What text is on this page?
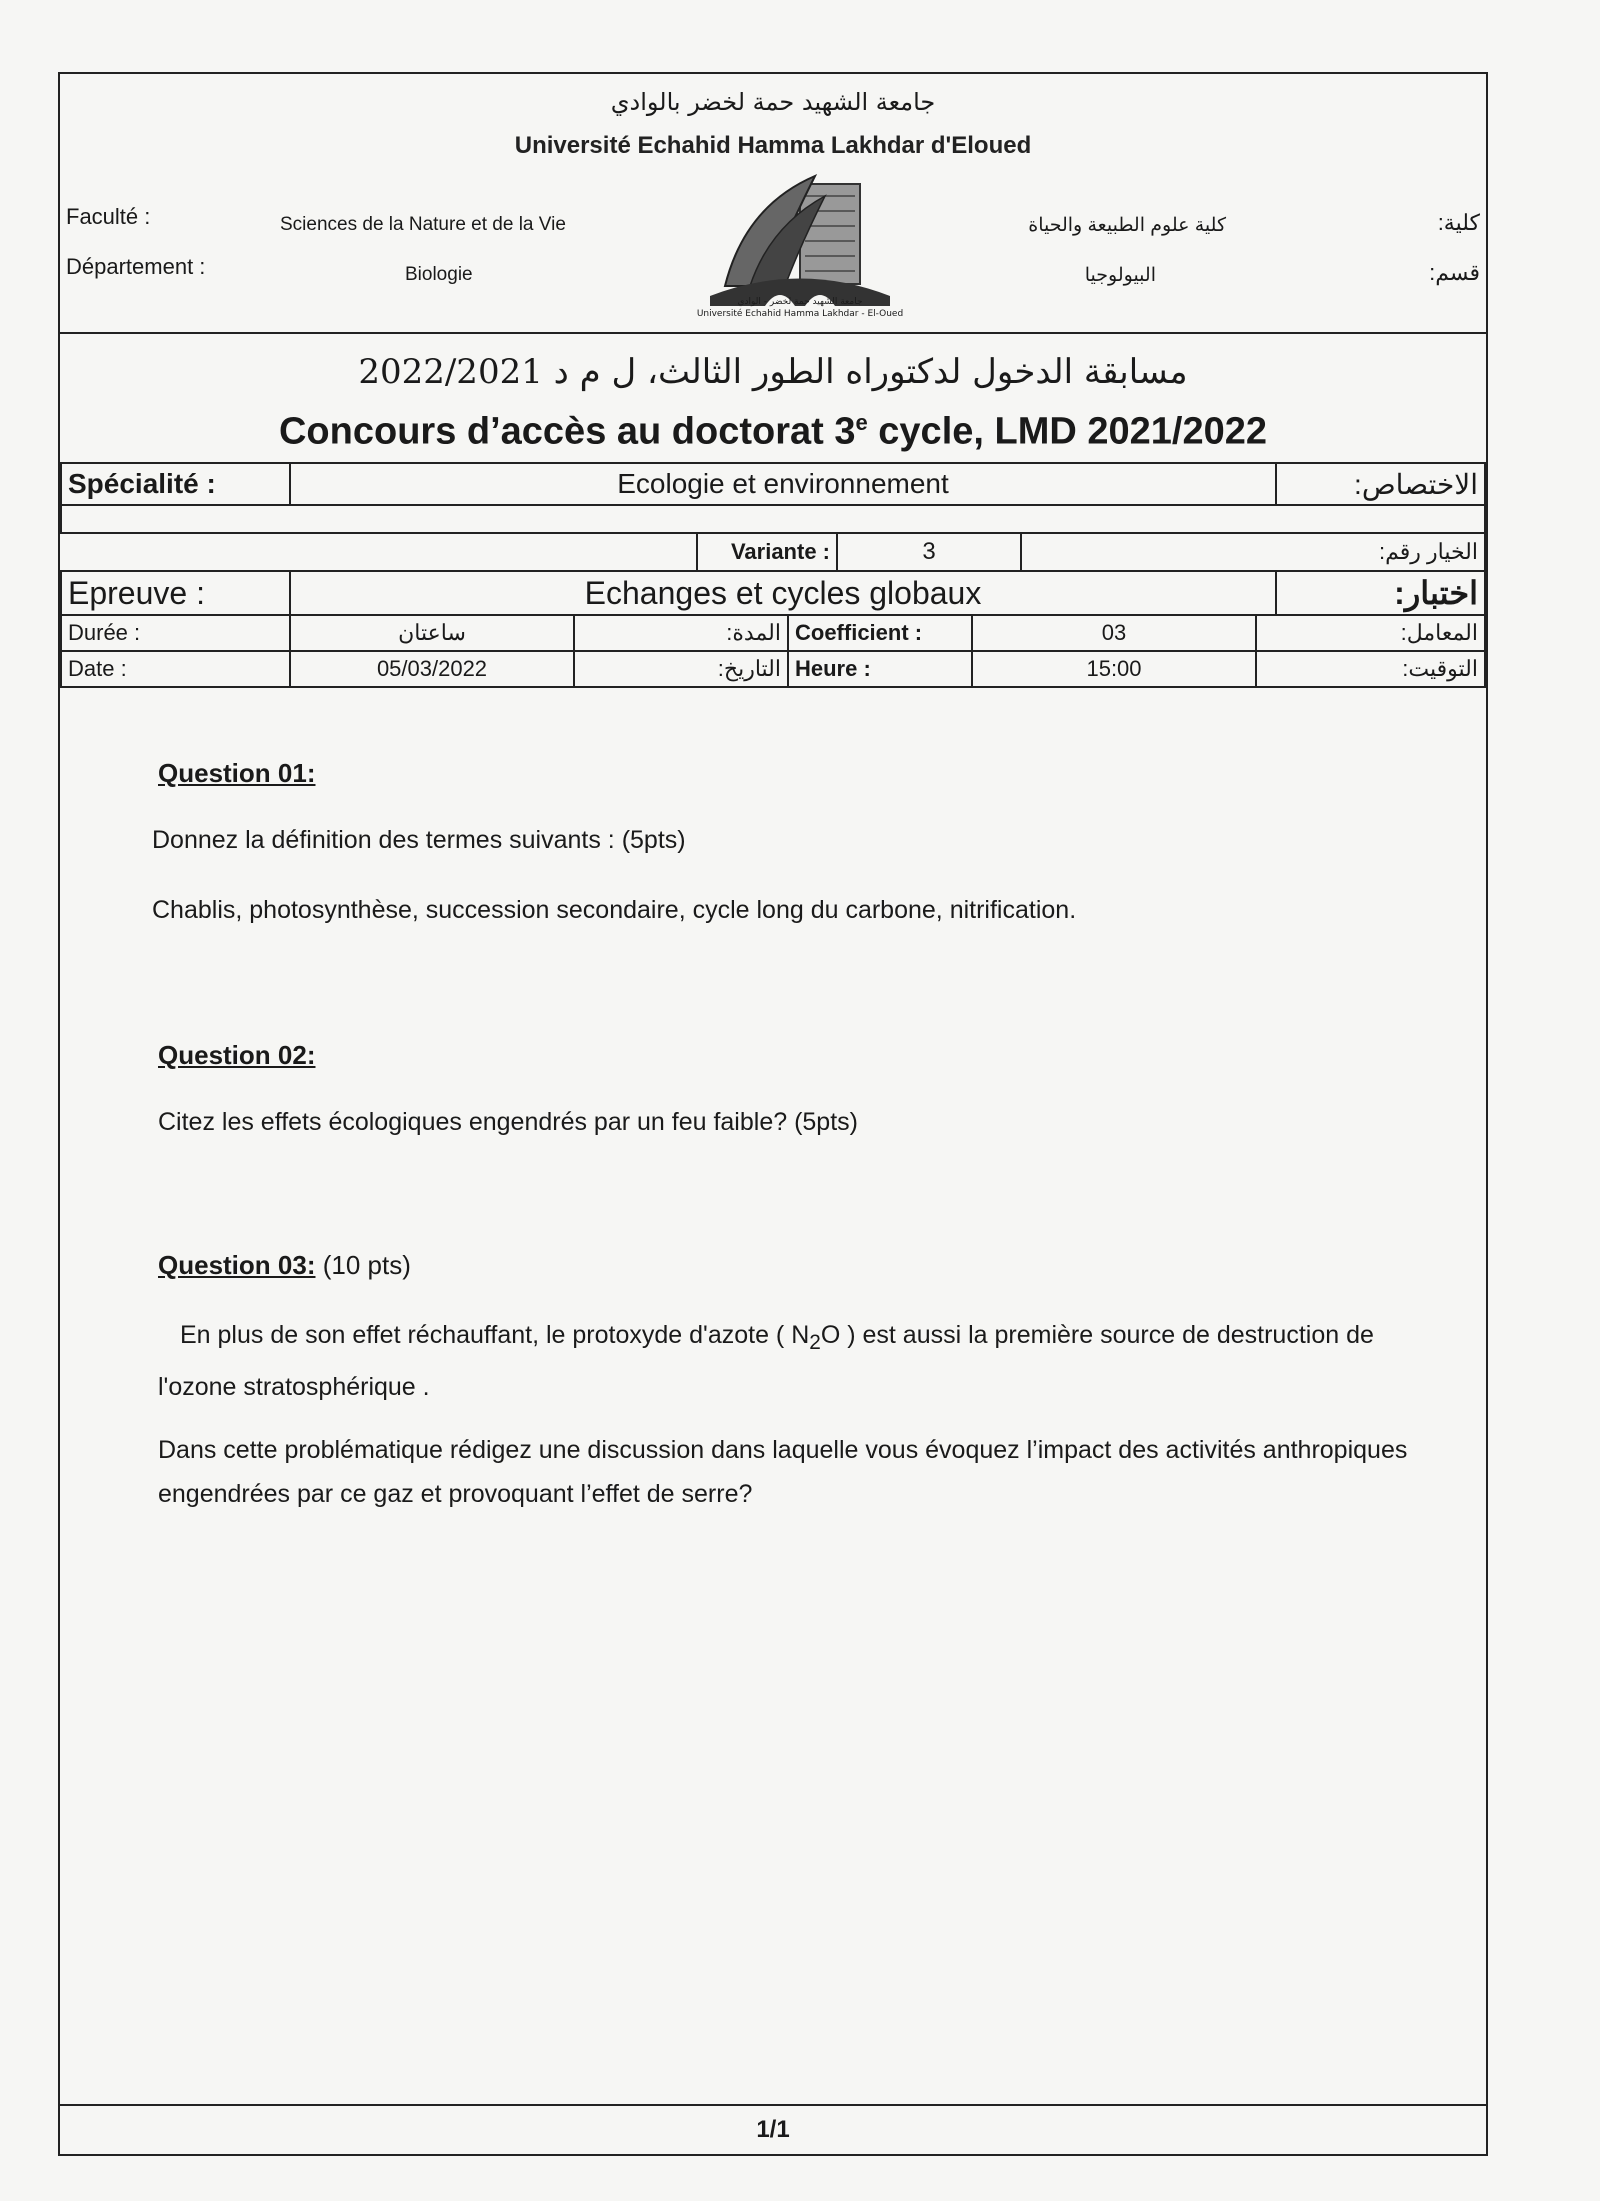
جامعة الشهيد حمة لخضر بالوادي
Université Echahid Hamma Lakhdar d'Eloued
Faculté :	Sciences de la Nature et de la Vie	كلية علوم الطبيعة والحياة	كلية:
Département :	Biologie	البيولوجيا	قسم:
جامعة الشهيد حمة لخضر - الوادي
Université Echahid Hamma Lakhdar - El-Oued
مسابقة الدخول لدكتوراه الطور الثالث، ل م د 2022/2021
Concours d’accès au doctorat 3e cycle, LMD 2021/2022
Spécialité :	Ecologie et environnement	الاختصاص:
	Variante :	3	الخيار رقم:
Epreuve :	Echanges et cycles globaux	اختبار:
Durée :	ساعتان	المدة:	Coefficient :	03	المعامل:
Date :	05/03/2022	التاريخ:	Heure :	15:00	التوقيت:
Question 01:
Donnez la définition des termes suivants : (5pts)
Chablis, photosynthèse, succession secondaire, cycle long du carbone, nitrification.
Question 02:
Citez les effets écologiques engendrés par un feu faible? (5pts)
Question 03: (10 pts)
En plus de son effet réchauffant, le protoxyde d'azote ( $N_2O$ ) est aussi la première source de destruction de l'ozone stratosphérique .
Dans cette problématique rédigez une discussion dans laquelle vous évoquez l’impact des activités anthropiques engendrées par ce gaz et provoquant l’effet de serre?
1/1
